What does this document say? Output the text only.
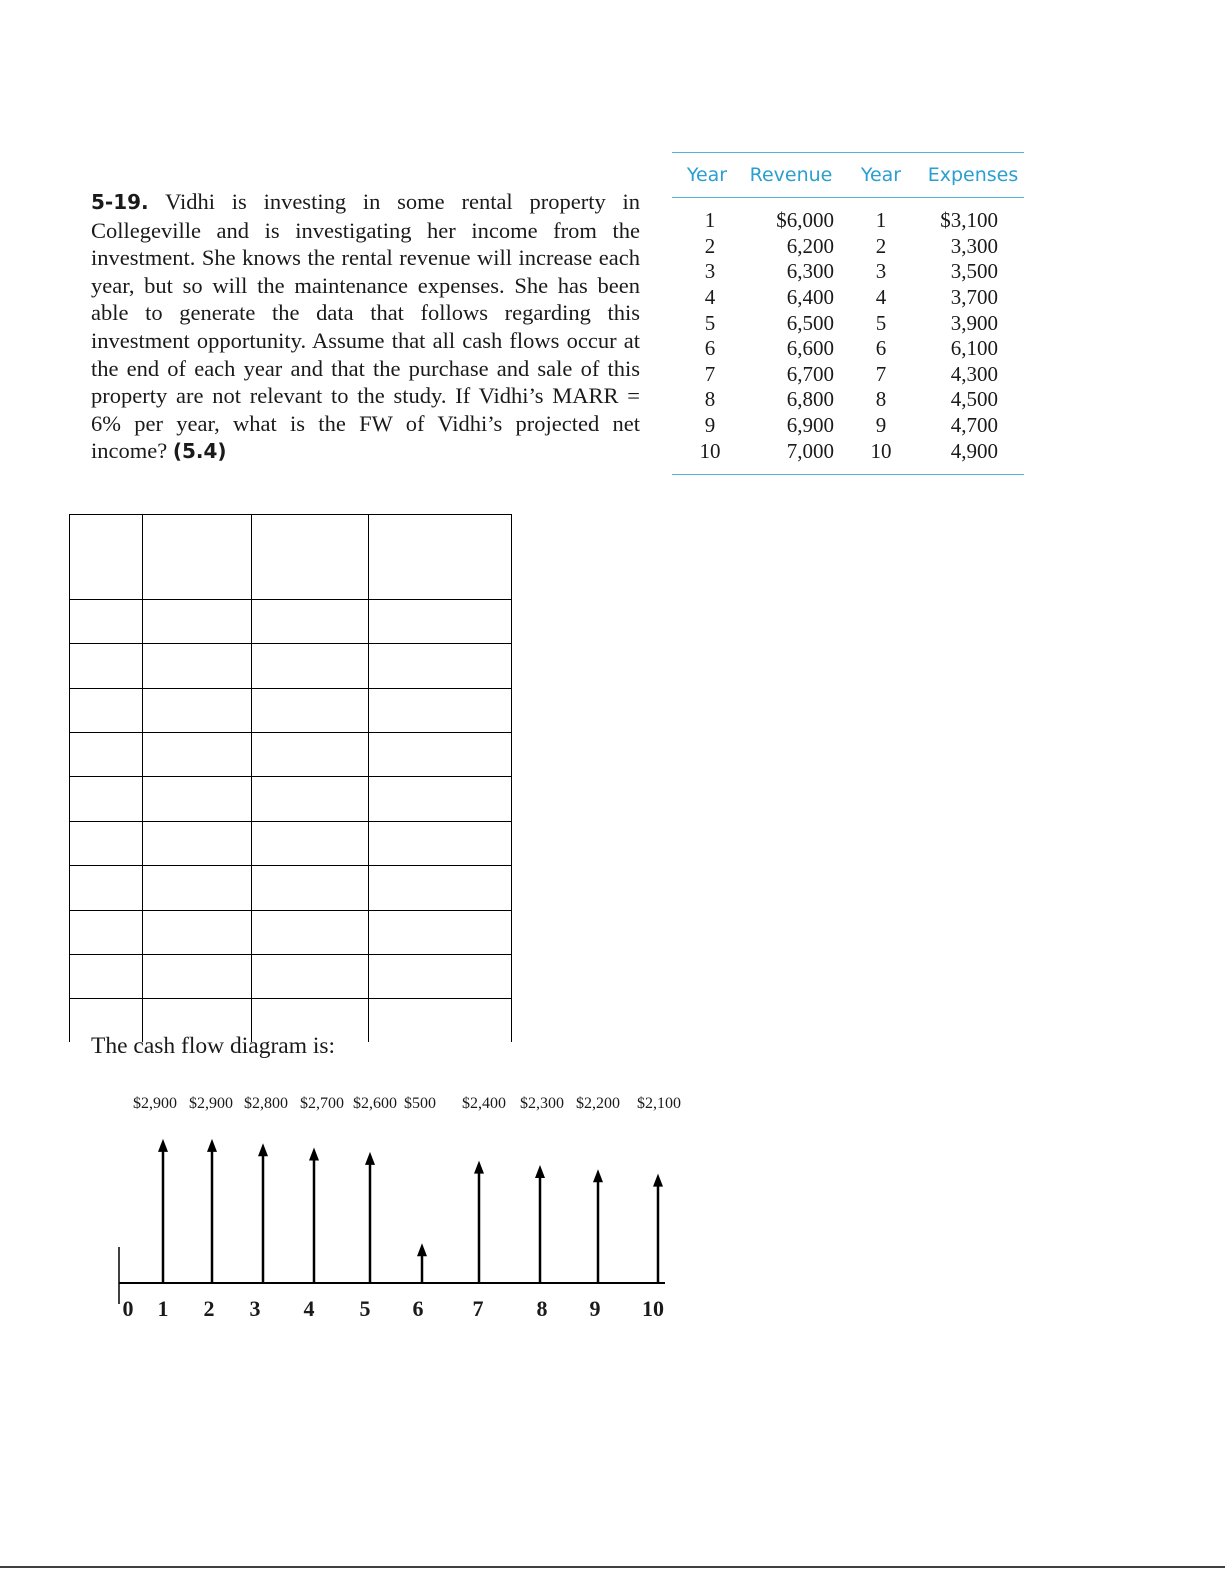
5-19. Vidhi is investing in some rental property in Collegeville and is investigating her income from the investment. She knows the rental revenue will increase each year, but so will the maintenance expenses. She has been able to generate the data that follows regarding this investment opportunity. Assume that all cash flows occur at the end of each year and that the purchase and sale of this property are not relevant to the study. If Vidhi’s MARR = 6% per year, what is the FW of Vidhi’s projected net income? (5.4)
Year	Revenue	Year	Expenses
1	$6,000	1	$3,100
2	6,200	2	3,300
3	6,300	3	3,500
4	6,400	4	3,700
5	6,500	5	3,900
6	6,600	6	6,100
7	6,700	7	4,300
8	6,800	8	4,500
9	6,900	9	4,700
10	7,000	10	4,900

The cash flow diagram is:
$2,900 $2,900 $2,800 $2,700 $2,600 $500 $2,400 $2,300 $2,200 $2,100
0 1 2 3 4 5 6 7 8 9 10
